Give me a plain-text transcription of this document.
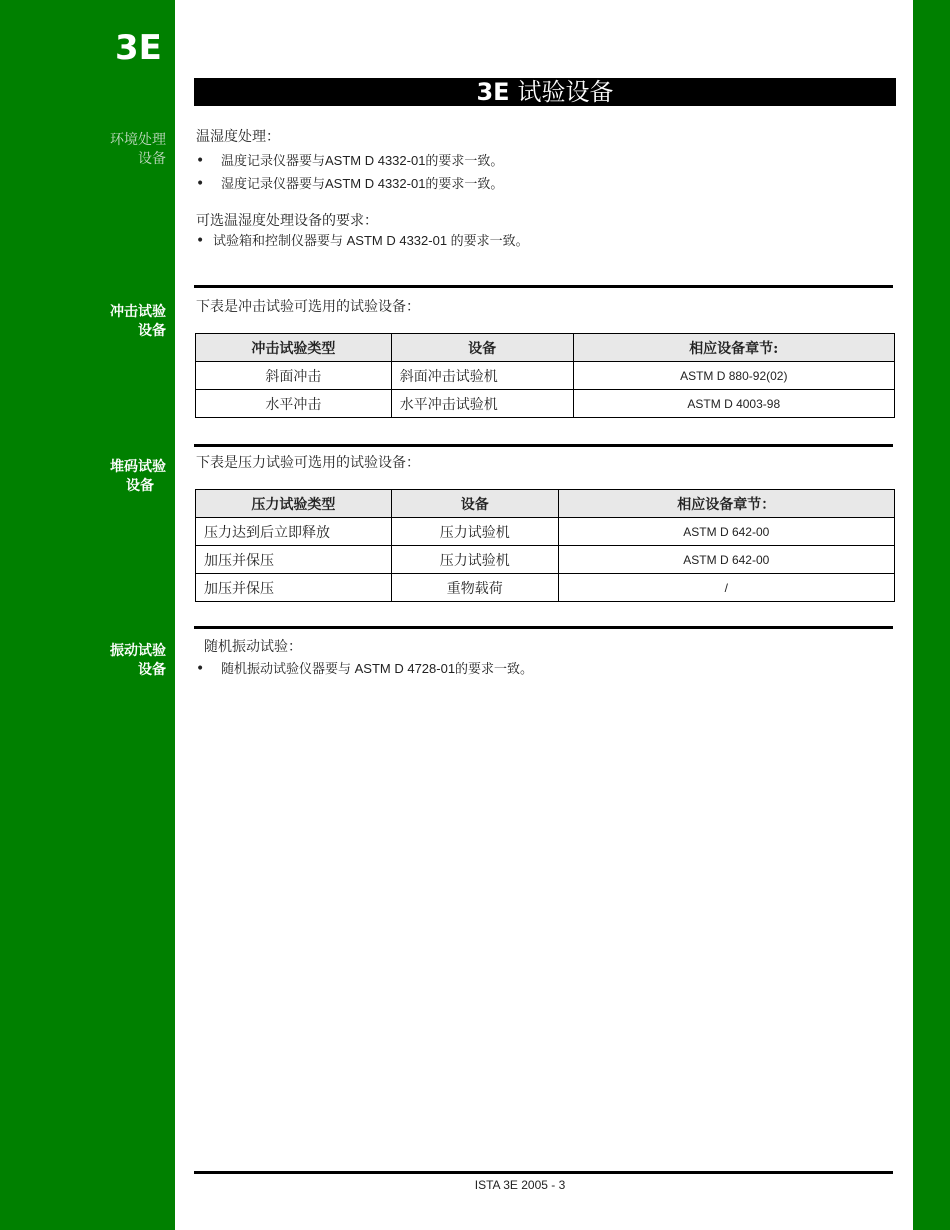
3E
3E 试验设备
环境处理
设备
温湿度处理：
• 温度记录仪器要与ASTM D 4332-01的要求一致。
• 湿度记录仪器要与ASTM D 4332-01的要求一致。
可选温湿度处理设备的要求：
• 试验箱和控制仪器要与 ASTM D 4332-01 的要求一致。
冲击试验
设备
下表是冲击试验可选用的试验设备：
冲击试验类型	设备	相应设备章节:
斜面冲击	斜面冲击试验机	ASTM D 880-92(02)
水平冲击	水平冲击试验机	ASTM D 4003-98
堆码试验
设备
下表是压力试验可选用的试验设备：
压力试验类型	设备	相应设备章节：
压力达到后立即释放	压力试验机	ASTM D 642-00
加压并保压	压力试验机	ASTM D 642-00
加压并保压	重物载荷	/
振动试验
设备
随机振动试验：
• 随机振动试验仪器要与 ASTM D 4728-01的要求一致。
ISTA 3E 2005 - 3
